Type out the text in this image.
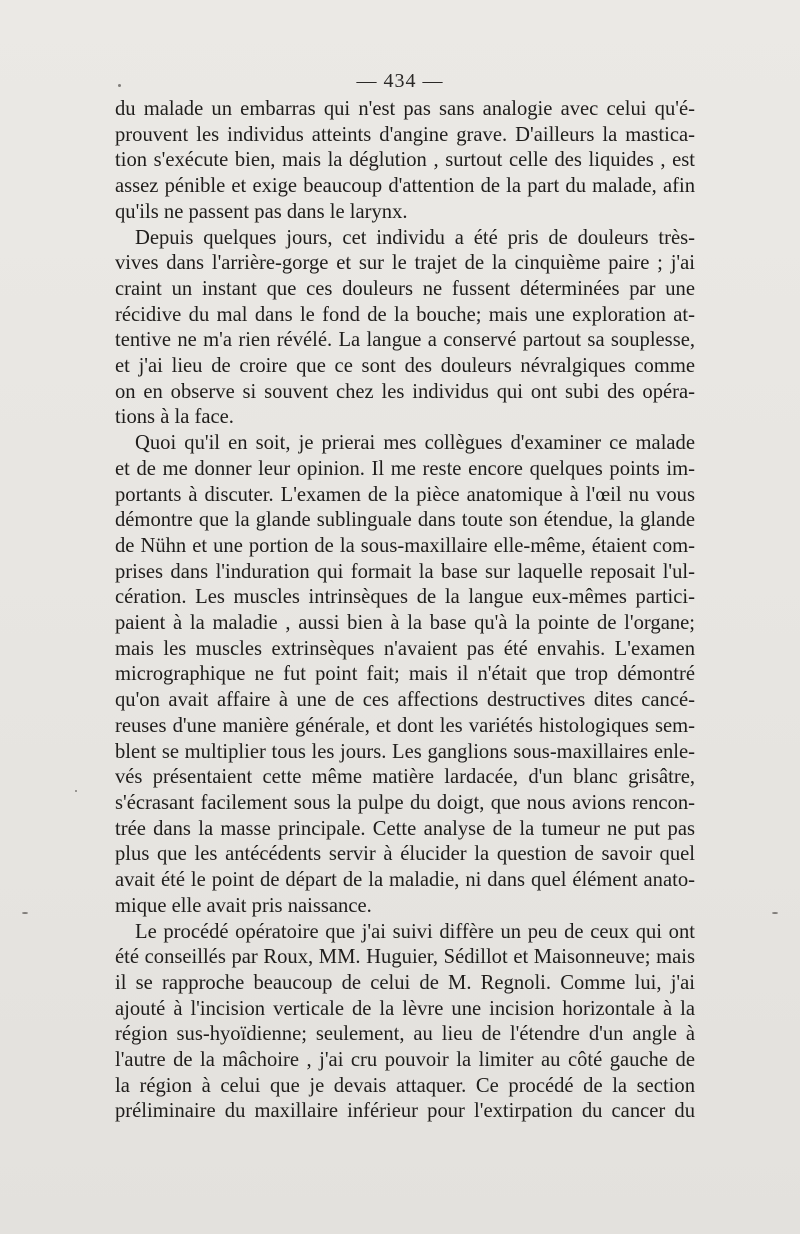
— 434 —

du malade un embarras qui n'est pas sans analogie avec celui qu'é-
prouvent les individus atteints d'angine grave. D'ailleurs la mastica-
tion s'exécute bien, mais la déglution , surtout celle des liquides , est
assez pénible et exige beaucoup d'attention de la part du malade, afin
qu'ils ne passent pas dans le larynx.

Depuis quelques jours, cet individu a été pris de douleurs très-
vives dans l'arrière-gorge et sur le trajet de la cinquième paire ; j'ai
craint un instant que ces douleurs ne fussent déterminées par une
récidive du mal dans le fond de la bouche; mais une exploration at-
tentive ne m'a rien révélé. La langue a conservé partout sa souplesse,
et j'ai lieu de croire que ce sont des douleurs névralgiques comme
on en observe si souvent chez les individus qui ont subi des opéra-
tions à la face.

Quoi qu'il en soit, je prierai mes collègues d'examiner ce malade
et de me donner leur opinion. Il me reste encore quelques points im-
portants à discuter. L'examen de la pièce anatomique à l'œil nu vous
démontre que la glande sublinguale dans toute son étendue, la glande
de Nühn et une portion de la sous-maxillaire elle-même, étaient com-
prises dans l'induration qui formait la base sur laquelle reposait l'ul-
cération. Les muscles intrinsèques de la langue eux-mêmes partici-
paient à la maladie , aussi bien à la base qu'à la pointe de l'organe;
mais les muscles extrinsèques n'avaient pas été envahis. L'examen
micrographique ne fut point fait; mais il n'était que trop démontré
qu'on avait affaire à une de ces affections destructives dites cancé-
reuses d'une manière générale, et dont les variétés histologiques sem-
blent se multiplier tous les jours. Les ganglions sous-maxillaires enle-
vés présentaient cette même matière lardacée, d'un blanc grisâtre,
s'écrasant facilement sous la pulpe du doigt, que nous avions rencon-
trée dans la masse principale. Cette analyse de la tumeur ne put pas
plus que les antécédents servir à élucider la question de savoir quel
avait été le point de départ de la maladie, ni dans quel élément anato-
mique elle avait pris naissance.

Le procédé opératoire que j'ai suivi diffère un peu de ceux qui ont
été conseillés par Roux, MM. Huguier, Sédillot et Maisonneuve; mais
il se rapproche beaucoup de celui de M. Regnoli. Comme lui, j'ai
ajouté à l'incision verticale de la lèvre une incision horizontale à la
région sus-hyoïdienne; seulement, au lieu de l'étendre d'un angle à
l'autre de la mâchoire , j'ai cru pouvoir la limiter au côté gauche de
la région à celui que je devais attaquer. Ce procédé de la section
préliminaire du maxillaire inférieur pour l'extirpation du cancer du
